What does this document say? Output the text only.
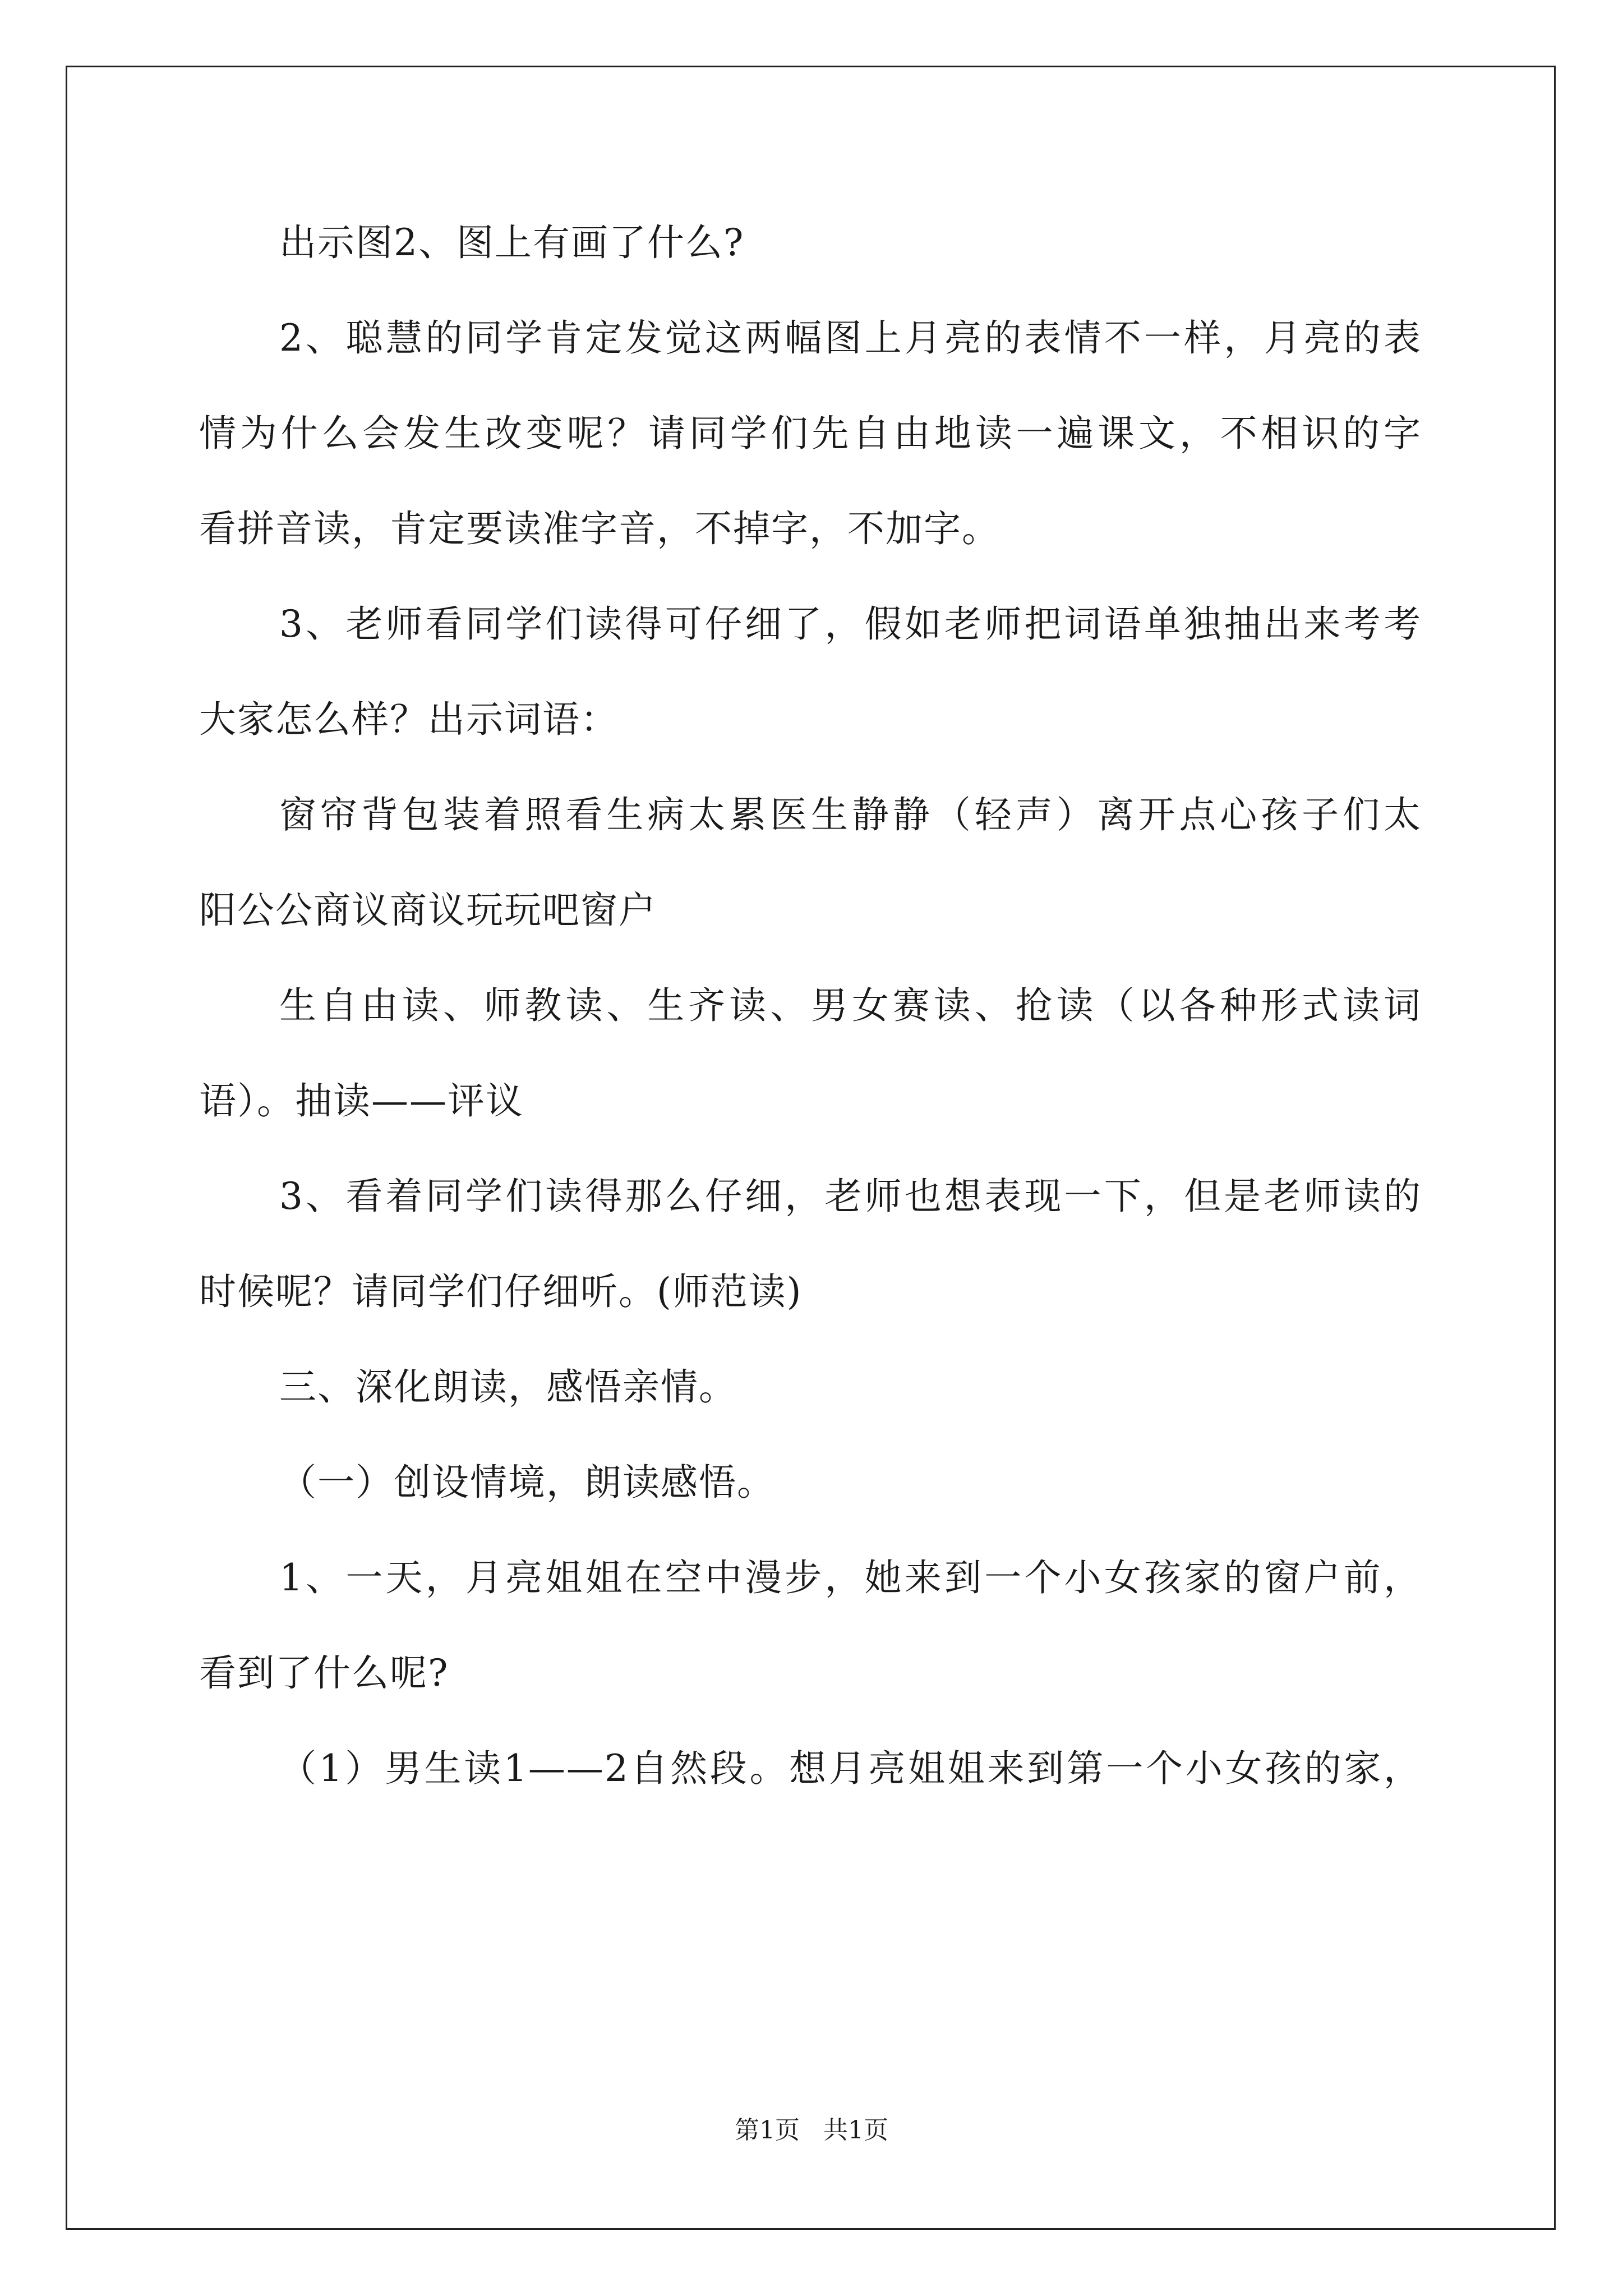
出示图2、图上有画了什么?
2、聪慧的同学肯定发觉这两幅图上月亮的表情不一样，月亮的表
情为什么会发生改变呢？请同学们先自由地读一遍课文，不相识的字
看拼音读，肯定要读准字音，不掉字，不加字。
3、老师看同学们读得可仔细了，假如老师把词语单独抽出来考考
大家怎么样？出示词语：
窗帘背包装着照看生病太累医生静静（轻声）离开点心孩子们太
阳公公商议商议玩玩吧窗户
生自由读、师教读、生齐读、男女赛读、抢读（以各种形式读词
语）。抽读——评议
3、看着同学们读得那么仔细，老师也想表现一下，但是老师读的
时候呢？请同学们仔细听。(师范读)
三、深化朗读，感悟亲情。
（一）创设情境，朗读感悟。
1、一天，月亮姐姐在空中漫步，她来到一个小女孩家的窗户前，
看到了什么呢?
（1）男生读1——2自然段。想月亮姐姐来到第一个小女孩的家，
第1页 共1页
